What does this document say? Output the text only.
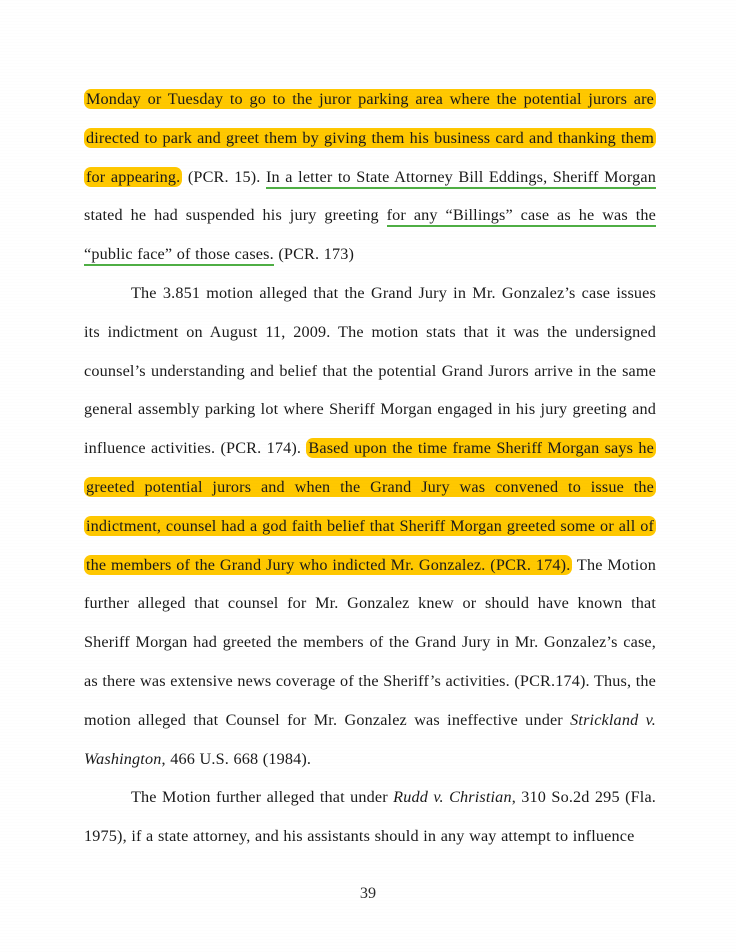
Monday or Tuesday to go to the juror parking area where the potential jurors are directed to park and greet them by giving them his business card and thanking them for appearing. (PCR. 15). In a letter to State Attorney Bill Eddings, Sheriff Morgan stated he had suspended his jury greeting for any “Billings” case as he was the “public face” of those cases. (PCR. 173)

The 3.851 motion alleged that the Grand Jury in Mr. Gonzalez’s case issues its indictment on August 11, 2009. The motion stats that it was the undersigned counsel’s understanding and belief that the potential Grand Jurors arrive in the same general assembly parking lot where Sheriff Morgan engaged in his jury greeting and influence activities. (PCR. 174). Based upon the time frame Sheriff Morgan says he greeted potential jurors and when the Grand Jury was convened to issue the indictment, counsel had a god faith belief that Sheriff Morgan greeted some or all of the members of the Grand Jury who indicted Mr. Gonzalez. (PCR. 174). The Motion further alleged that counsel for Mr. Gonzalez knew or should have known that Sheriff Morgan had greeted the members of the Grand Jury in Mr. Gonzalez’s case, as there was extensive news coverage of the Sheriff’s activities. (PCR.174). Thus, the motion alleged that Counsel for Mr. Gonzalez was ineffective under Strickland v. Washington, 466 U.S. 668 (1984).

The Motion further alleged that under Rudd v. Christian, 310 So.2d 295 (Fla. 1975), if a state attorney, and his assistants should in any way attempt to influence

39
